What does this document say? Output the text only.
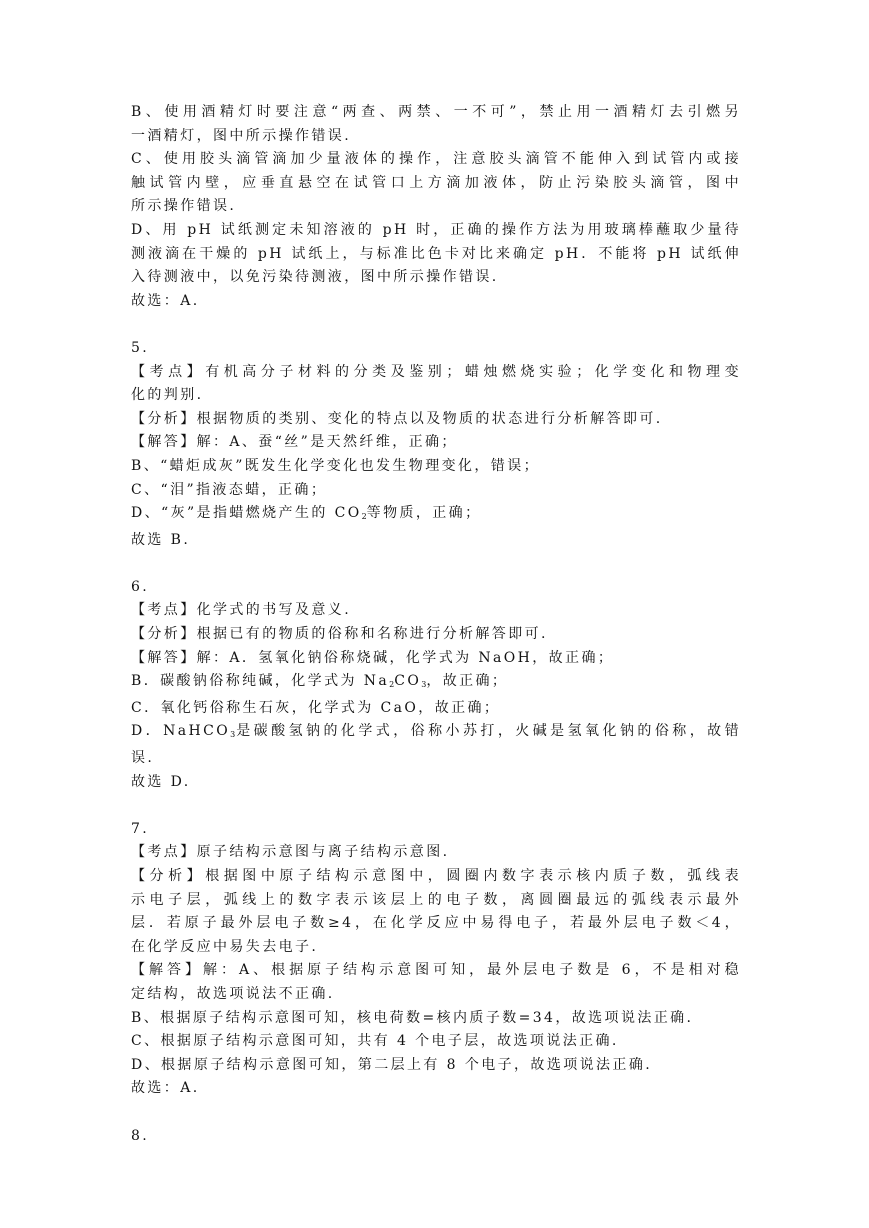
B、使用酒精灯时要注意“两查、两禁、一不可”，禁止用一酒精灯去引燃另
一酒精灯，图中所示操作错误.
C、使用胶头滴管滴加少量液体的操作，注意胶头滴管不能伸入到试管内或接
触试管内壁，应垂直悬空在试管口上方滴加液体，防止污染胶头滴管，图中
所示操作错误.
D、用 pH 试纸测定未知溶液的 pH 时，正确的操作方法为用玻璃棒蘸取少量待
测液滴在干燥的 pH 试纸上，与标准比色卡对比来确定 pH．不能将 pH 试纸伸
入待测液中，以免污染待测液，图中所示操作错误.
故选：A.
5.
【考点】有机高分子材料的分类及鉴别；蜡烛燃烧实验；化学变化和物理变
化的判别.
【分析】根据物质的类别、变化的特点以及物质的状态进行分析解答即可.
【解答】解：A、蚕“丝”是天然纤维，正确；
B、“蜡炬成灰”既发生化学变化也发生物理变化，错误；
C、“泪”指液态蜡，正确；
D、“灰”是指蜡燃烧产生的 $CO_2$等物质，正确；
故选 B.
6.
【考点】化学式的书写及意义.
【分析】根据已有的物质的俗称和名称进行分析解答即可.
【解答】解：A．氢氧化钠俗称烧碱，化学式为 NaOH，故正确；
B．碳酸钠俗称纯碱，化学式为 $Na_2CO_3$，故正确；
C．氧化钙俗称生石灰，化学式为 CaO，故正确；
D．NaHCO$_3$是碳酸氢钠的化学式，俗称小苏打，火碱是氢氧化钠的俗称，故错
误.
故选 D.
7.
【考点】原子结构示意图与离子结构示意图.
【分析】根据图中原子结构示意图中，圆圈内数字表示核内质子数，弧线表
示电子层，弧线上的数字表示该层上的电子数，离圆圈最远的弧线表示最外
层．若原子最外层电子数≥4，在化学反应中易得电子，若最外层电子数＜4，
在化学反应中易失去电子.
【解答】解：A、根据原子结构示意图可知，最外层电子数是 6，不是相对稳
定结构，故选项说法不正确.
B、根据原子结构示意图可知，核电荷数=核内质子数=34，故选项说法正确.
C、根据原子结构示意图可知，共有 4 个电子层，故选项说法正确.
D、根据原子结构示意图可知，第二层上有 8 个电子，故选项说法正确.
故选：A.
8.
